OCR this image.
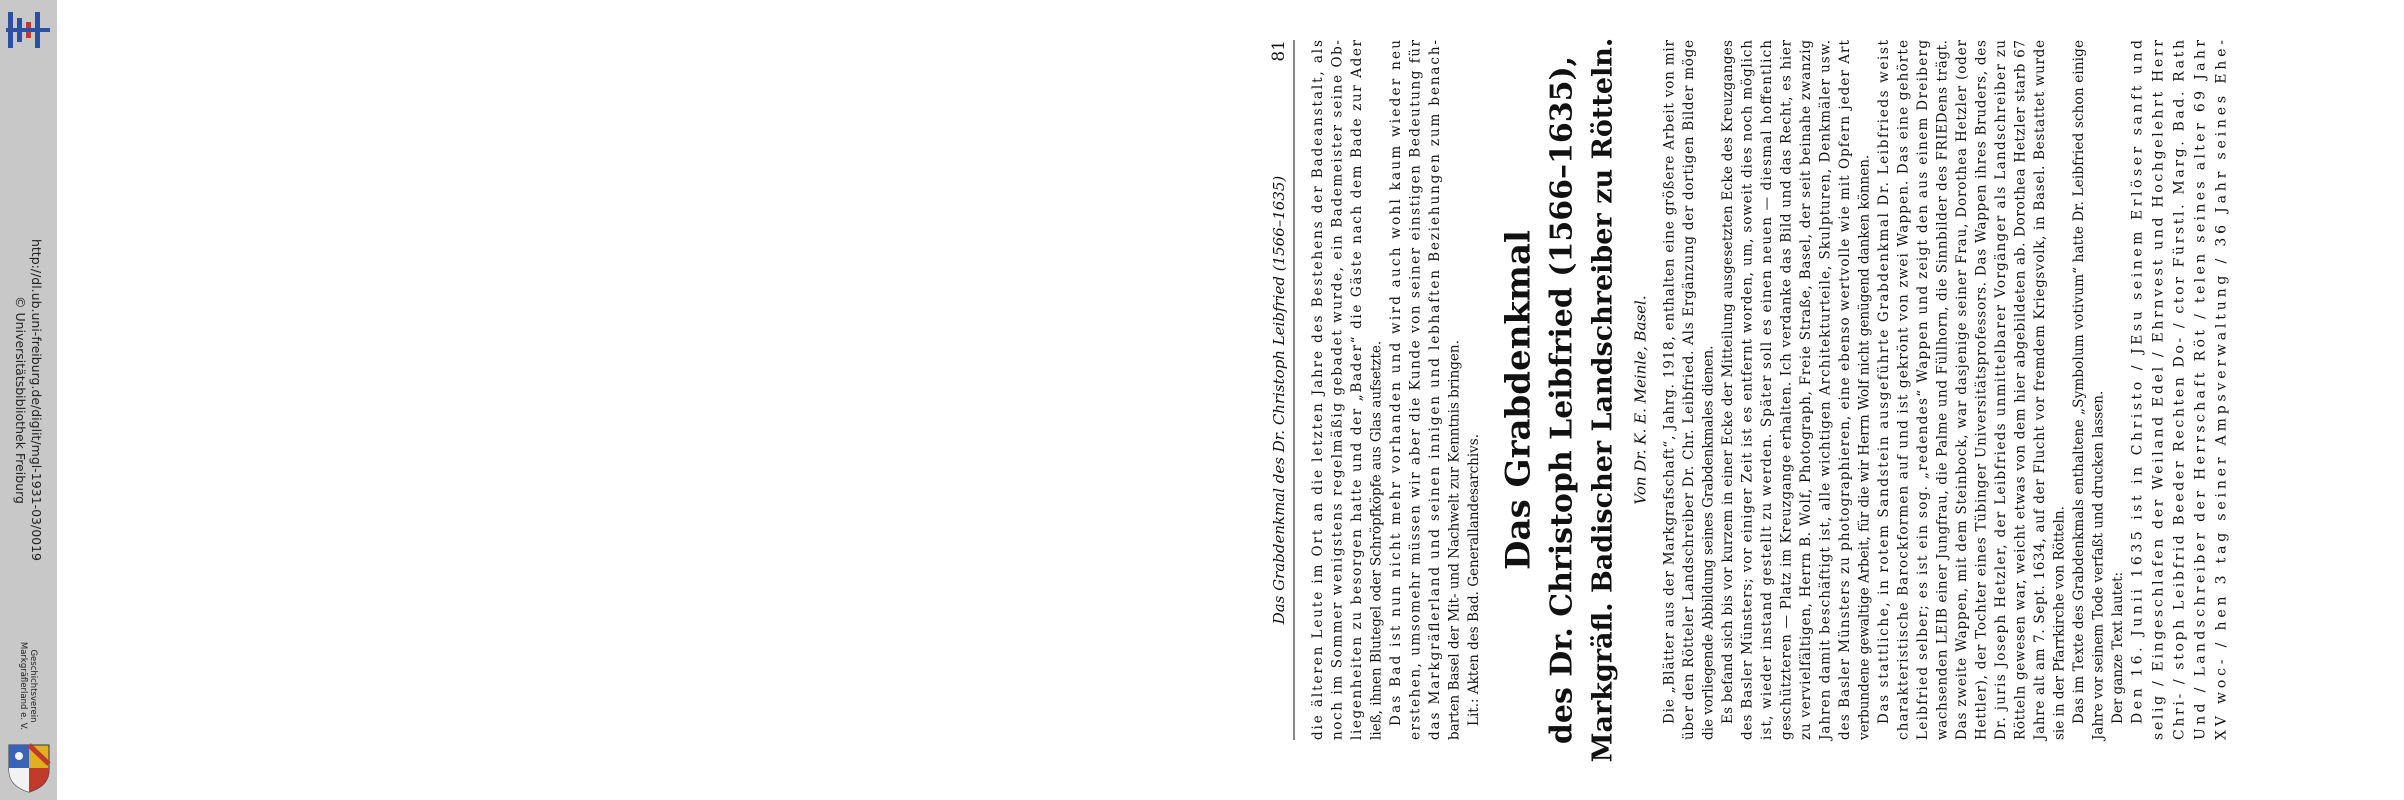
http://dl.ub.uni-freiburg.de/diglit/mgl-1931-03/0019
© Universitätsbibliothek Freiburg
Geschichtsverein
Markgräflerland e. V.
Das Grabdenkmal des Dr. Christoph Leibfried (1566–1635)
81
die älteren Leute im Ort an die letzten Jahre des Bestehens der Badeanstalt, als
noch im Sommer wenigstens regelmäßig gebadet wurde, ein Bademeister seine Ob-
liegenheiten zu besorgen hatte und der „Bader“ die Gäste nach dem Bade zur Ader
ließ, ihnen Blutegel oder Schröpfköpfe aus Glas aufsetzte. Das Bad ist nun nicht mehr vorhanden und wird auch wohl kaum wieder neu
erstehen, umsomehr müssen wir aber die Kunde von seiner einstigen Bedeutung für
das Markgräflerland und seinen innigen und lebhaften Beziehungen zum benach-
barten Basel der Mit- und Nachwelt zur Kenntnis bringen. Lit.: Akten des Bad. Generallandesarchivs.
Das Grabdenkmal des Dr. Christoph Leibfried (1566–1635), Markgräfl. Badischer Landschreiber zu Rötteln. Von Dr. K. E. Meinle, Basel.
Die „Blätter aus der Markgrafschaft“, Jahrg. 1918, enthalten eine größere Arbeit von mir
über den Rötteler Landschreiber Dr. Chr. Leibfried. Als Ergänzung der dortigen Bilder möge
die vorliegende Abbildung seines Grabdenkmales dienen. Es befand sich bis vor kurzem in einer Ecke der Mitteilung ausgesetzten Ecke des Kreuzganges
des Basler Münsters; vor einiger Zeit ist es entfernt worden, um, soweit dies noch möglich
ist, wieder instand gestellt zu werden. Später soll es einen neuen — diesmal hoffentlich
geschützteren — Platz im Kreuzgange erhalten. Ich verdanke das Bild und das Recht, es hier
zu vervielfältigen, Herrn B. Wolf, Photograph, Freie Straße, Basel, der seit beinahe zwanzig
Jahren damit beschäftigt ist, alle wichtigen Architekturteile, Skulpturen, Denkmäler usw.
des Basler Münsters zu photographieren, eine ebenso wertvolle wie mit Opfern jeder Art
verbundene gewaltige Arbeit, für die wir Herrn Wolf nicht genügend danken können. Das stattliche, in rotem Sandstein ausgeführte Grabdenkmal Dr. Leibfrieds weist
charakteristische Barockformen auf und ist gekrönt von zwei Wappen. Das eine gehörte
Leibfried selber; es ist ein sog. „redendes“ Wappen und zeigt den aus einem Dreiberg
wachsenden LEIB einer Jungfrau, die Palme und Füllhorn, die Sinnbilder des FRIEDens trägt.
Das zweite Wappen, mit dem Steinbock, war dasjenige seiner Frau, Dorothea Hetzler (oder
Hettler), der Tochter eines Tübinger Universitätsprofessors. Das Wappen ihres Bruders, des
Dr. juris Joseph Hetzler, der Leibfrieds unmittelbarer Vorgänger als Landschreiber zu
Rötteln gewesen war, weicht etwas von dem hier abgebildeten ab. Dorothea Hetzler starb 67
Jahre alt am 7. Sept. 1634, auf der Flucht vor fremdem Kriegsvolk, in Basel. Bestattet wurde
sie in der Pfarrkirche von Rötteln. Das im Texte des Grabdenkmals enthaltene „Symbolum votivum“ hatte Dr. Leibfried schon einige
Jahre vor seinem Tode verfaßt und drucken lassen. Der ganze Text lautet: Den 16. Junii 1635 ist in Christo / JEsu seinem Erlöser sanft und
selig / Eingeschlafen der Weiland Edel / Ehrnvest und Hochgelehrt Herr
Chri- / stoph Leibfrid Beeder Rechten Do- / ctor Fürstl. Marg. Bad. Rath
Und / Landschreiber der Herrschaft Röt / telen seines alter 69 Jahr
XV woc- / hen 3 tag seiner Ampsverwaltung / 36 Jahr seines Ehe-
